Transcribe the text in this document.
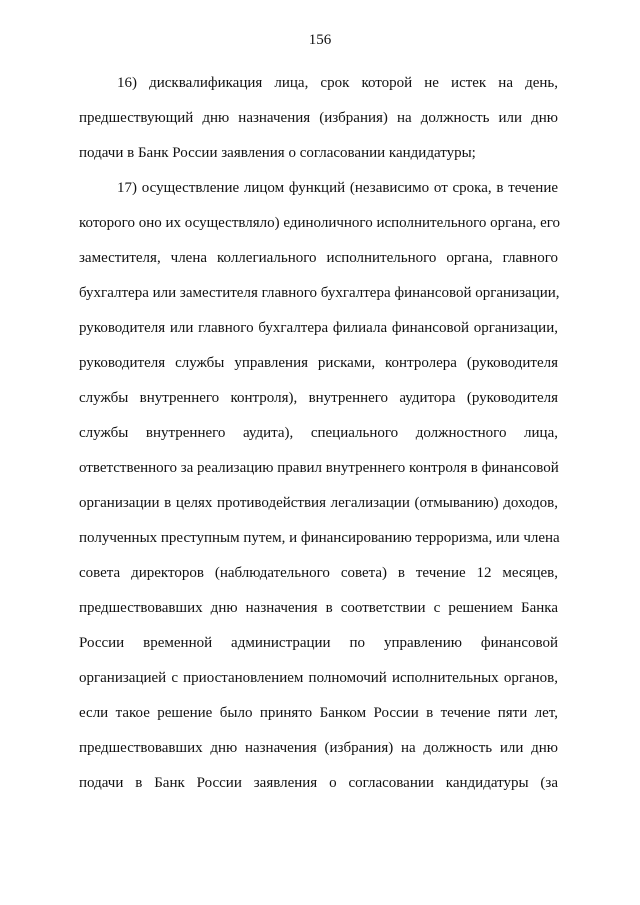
156

16) дисквалификация лица, срок которой не истек на день,
предшествующий дню назначения (избрания) на должность или дню
подачи в Банк России заявления о согласовании кандидатуры;

17) осуществление лицом функций (независимо от срока, в течение
которого оно их осуществляло) единоличного исполнительного органа, его
заместителя, члена коллегиального исполнительного органа, главного
бухгалтера или заместителя главного бухгалтера финансовой организации,
руководителя или главного бухгалтера филиала финансовой организации,
руководителя службы управления рисками, контролера (руководителя
службы внутреннего контроля), внутреннего аудитора (руководителя
службы внутреннего аудита), специального должностного лица,
ответственного за реализацию правил внутреннего контроля в финансовой
организации в целях противодействия легализации (отмыванию) доходов,
полученных преступным путем, и финансированию терроризма, или члена
совета директоров (наблюдательного совета) в течение 12 месяцев,
предшествовавших дню назначения в соответствии с решением Банка
России временной администрации по управлению финансовой
организацией с приостановлением полномочий исполнительных органов,
если такое решение было принято Банком России в течение пяти лет,
предшествовавших дню назначения (избрания) на должность или дню
подачи в Банк России заявления о согласовании кандидатуры (за
